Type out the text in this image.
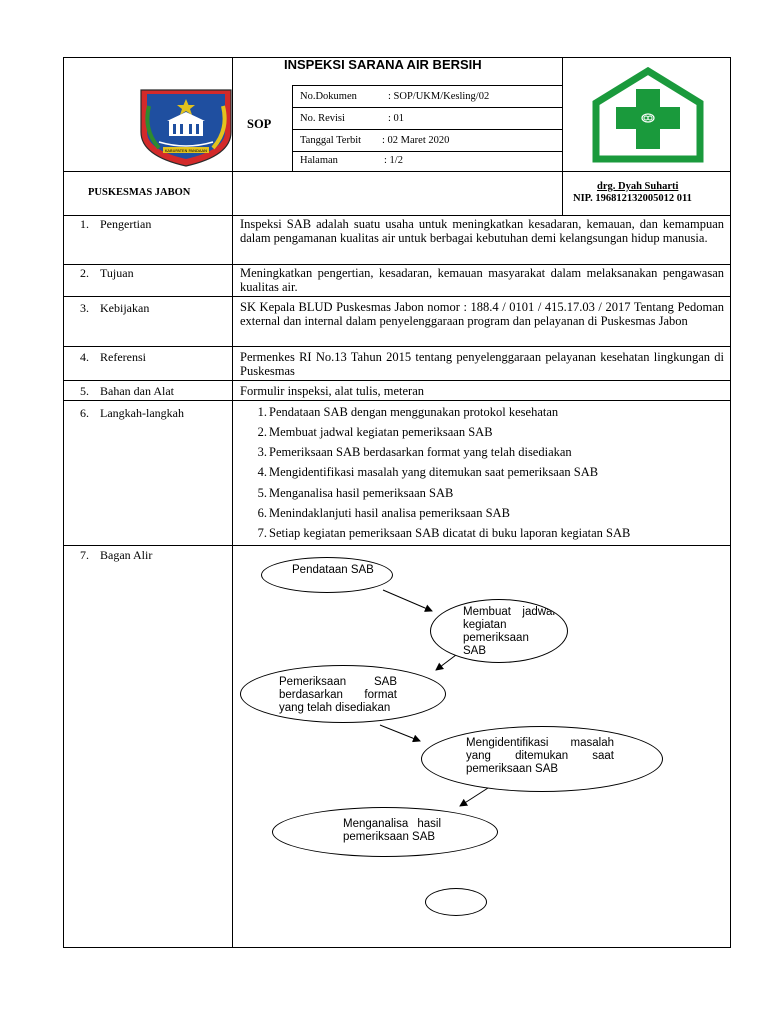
INSPEKSI SARANA AIR BERSIH
KABUPATEN PANDAAN
SOP
No.Dokumen	: SOP/UKM/Kesling/02
No. Revisi	: 01
Tanggal Terbit : 02 Maret 2020
Halaman	: 1/2
PUSKESMAS JABON
drg. Dyah Suharti
NIP. 196812132005012 011
1. Pengertian	Inspeksi SAB adalah suatu usaha untuk meningkatkan kesadaran, kemauan, dan kemampuan dalam pengamanan kualitas air untuk berbagai kebutuhan demi kelangsungan hidup manusia.
2. Tujuan	Meningkatkan pengertian, kesadaran, kemauan masyarakat dalam melaksanakan pengawasan kualitas air.
3. Kebijakan	SK Kepala BLUD Puskesmas Jabon nomor : 188.4 / 0101 / 415.17.03 / 2017 Tentang Pedoman external dan internal dalam penyelenggaraan program dan pelayanan di Puskesmas Jabon
4. Referensi	Permenkes RI No.13 Tahun 2015 tentang penyelenggaraan pelayanan kesehatan lingkungan di Puskesmas
5. Bahan dan Alat	Formulir inspeksi, alat tulis, meteran
6. Langkah-langkah	1. Pendataan SAB dengan menggunakan protokol kesehatan
2. Membuat jadwal kegiatan pemeriksaan SAB
3. Pemeriksaan SAB berdasarkan format yang telah disediakan
4. Mengidentifikasi masalah yang ditemukan saat pemeriksaan SAB
5. Menganalisa hasil pemeriksaan SAB
6. Menindaklanjuti hasil analisa pemeriksaan SAB
7. Setiap kegiatan pemeriksaan SAB dicatat di buku laporan kegiatan SAB
7. Bagan Alir
Pendataan SAB
Membuat jadwal kegiatan pemeriksaan SAB
Pemeriksaan SAB berdasarkan format yang telah disediakan
Mengidentifikasi masalah yang ditemukan saat pemeriksaan SAB
Menganalisa hasil pemeriksaan SAB
